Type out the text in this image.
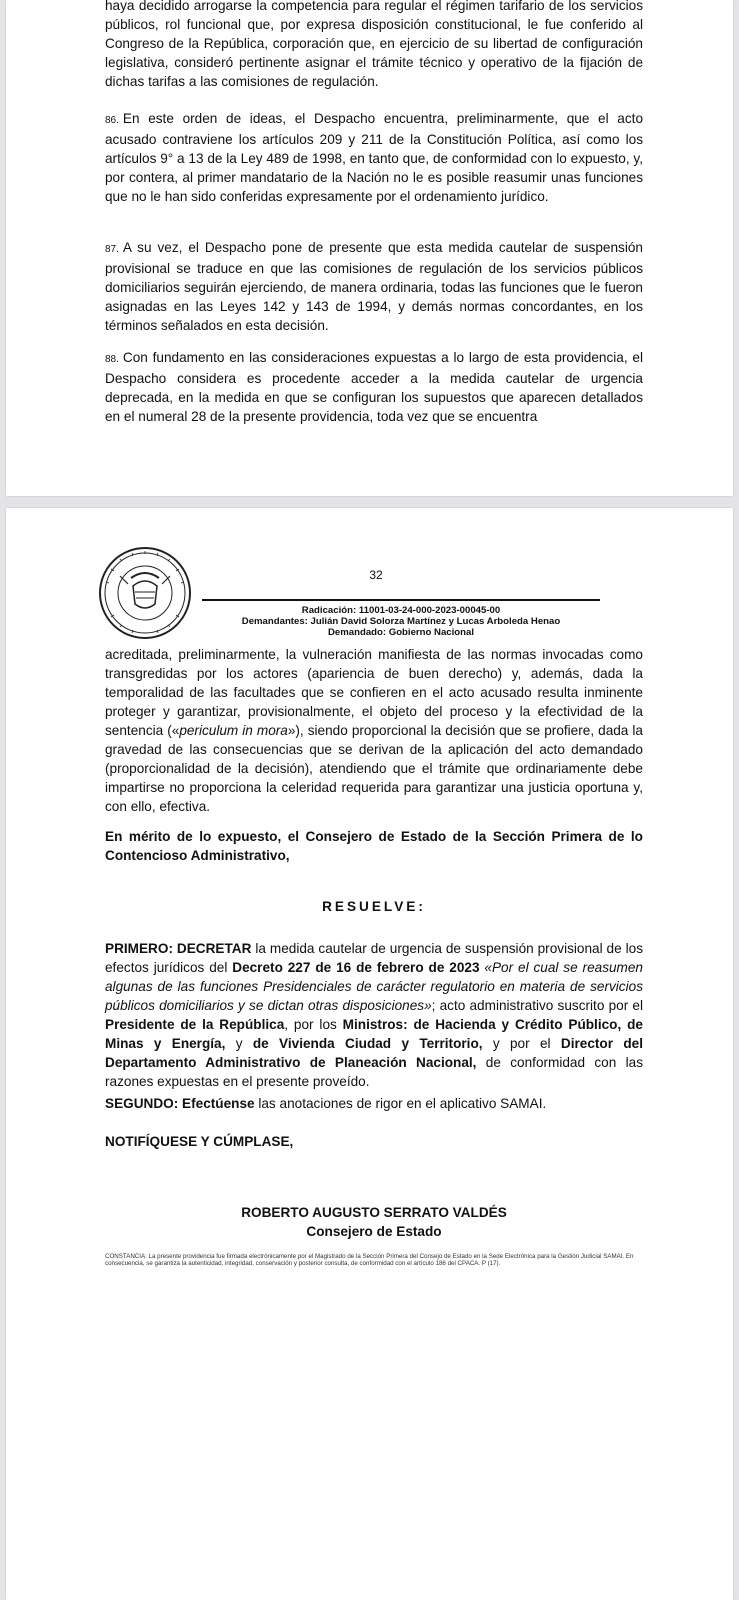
haya decidido arrogarse la competencia para regular el régimen tarifario de los servicios públicos, rol funcional que, por expresa disposición constitucional, le fue conferido al Congreso de la República, corporación que, en ejercicio de su libertad de configuración legislativa, consideró pertinente asignar el trámite técnico y operativo de la fijación de dichas tarifas a las comisiones de regulación.

86. En este orden de ideas, el Despacho encuentra, preliminarmente, que el acto acusado contraviene los artículos 209 y 211 de la Constitución Política, así como los artículos 9° a 13 de la Ley 489 de 1998, en tanto que, de conformidad con lo expuesto, y, por contera, al primer mandatario de la Nación no le es posible reasumir unas funciones que no le han sido conferidas expresamente por el ordenamiento jurídico.

87. A su vez, el Despacho pone de presente que esta medida cautelar de suspensión provisional se traduce en que las comisiones de regulación de los servicios públicos domiciliarios seguirán ejerciendo, de manera ordinaria, todas las funciones que le fueron asignadas en las Leyes 142 y 143 de 1994, y demás normas concordantes, en los términos señalados en esta decisión.

88. Con fundamento en las consideraciones expuestas a lo largo de esta providencia, el Despacho considera es procedente acceder a la medida cautelar de urgencia deprecada, en la medida en que se configuran los supuestos que aparecen detallados en el numeral 28 de la presente providencia, toda vez que se encuentra

32
Radicación: 11001-03-24-000-2023-00045-00
Demandantes: Julián David Solorza Martínez y Lucas Arboleda Henao
Demandado: Gobierno Nacional

acreditada, preliminarmente, la vulneración manifiesta de las normas invocadas como transgredidas por los actores (apariencia de buen derecho) y, además, dada la temporalidad de las facultades que se confieren en el acto acusado resulta inminente proteger y garantizar, provisionalmente, el objeto del proceso y la efectividad de la sentencia («periculum in mora»), siendo proporcional la decisión que se profiere, dada la gravedad de las consecuencias que se derivan de la aplicación del acto demandado (proporcionalidad de la decisión), atendiendo que el trámite que ordinariamente debe impartirse no proporciona la celeridad requerida para garantizar una justicia oportuna y, con ello, efectiva.

En mérito de lo expuesto, el Consejero de Estado de la Sección Primera de lo Contencioso Administrativo,

RESUELVE:

PRIMERO: DECRETAR la medida cautelar de urgencia de suspensión provisional de los efectos jurídicos del Decreto 227 de 16 de febrero de 2023 «Por el cual se reasumen algunas de las funciones Presidenciales de carácter regulatorio en materia de servicios públicos domiciliarios y se dictan otras disposiciones»; acto administrativo suscrito por el Presidente de la República, por los Ministros: de Hacienda y Crédito Público, de Minas y Energía, y de Vivienda Ciudad y Territorio, y por el Director del Departamento Administrativo de Planeación Nacional, de conformidad con las razones expuestas en el presente proveído.

SEGUNDO: Efectúense las anotaciones de rigor en el aplicativo SAMAI.

NOTIFÍQUESE Y CÚMPLASE,

ROBERTO AUGUSTO SERRATO VALDÉS
Consejero de Estado

CONSTANCIA: La presente providencia fue firmada electrónicamente por el Magistrado de la Sección Primera del Consejo de Estado en la Sede Electrónica para la Gestión Judicial SAMAI. En consecuencia, se garantiza la autenticidad, integridad, conservación y posterior consulta, de conformidad con el artículo 186 del CPACA. P (17).
